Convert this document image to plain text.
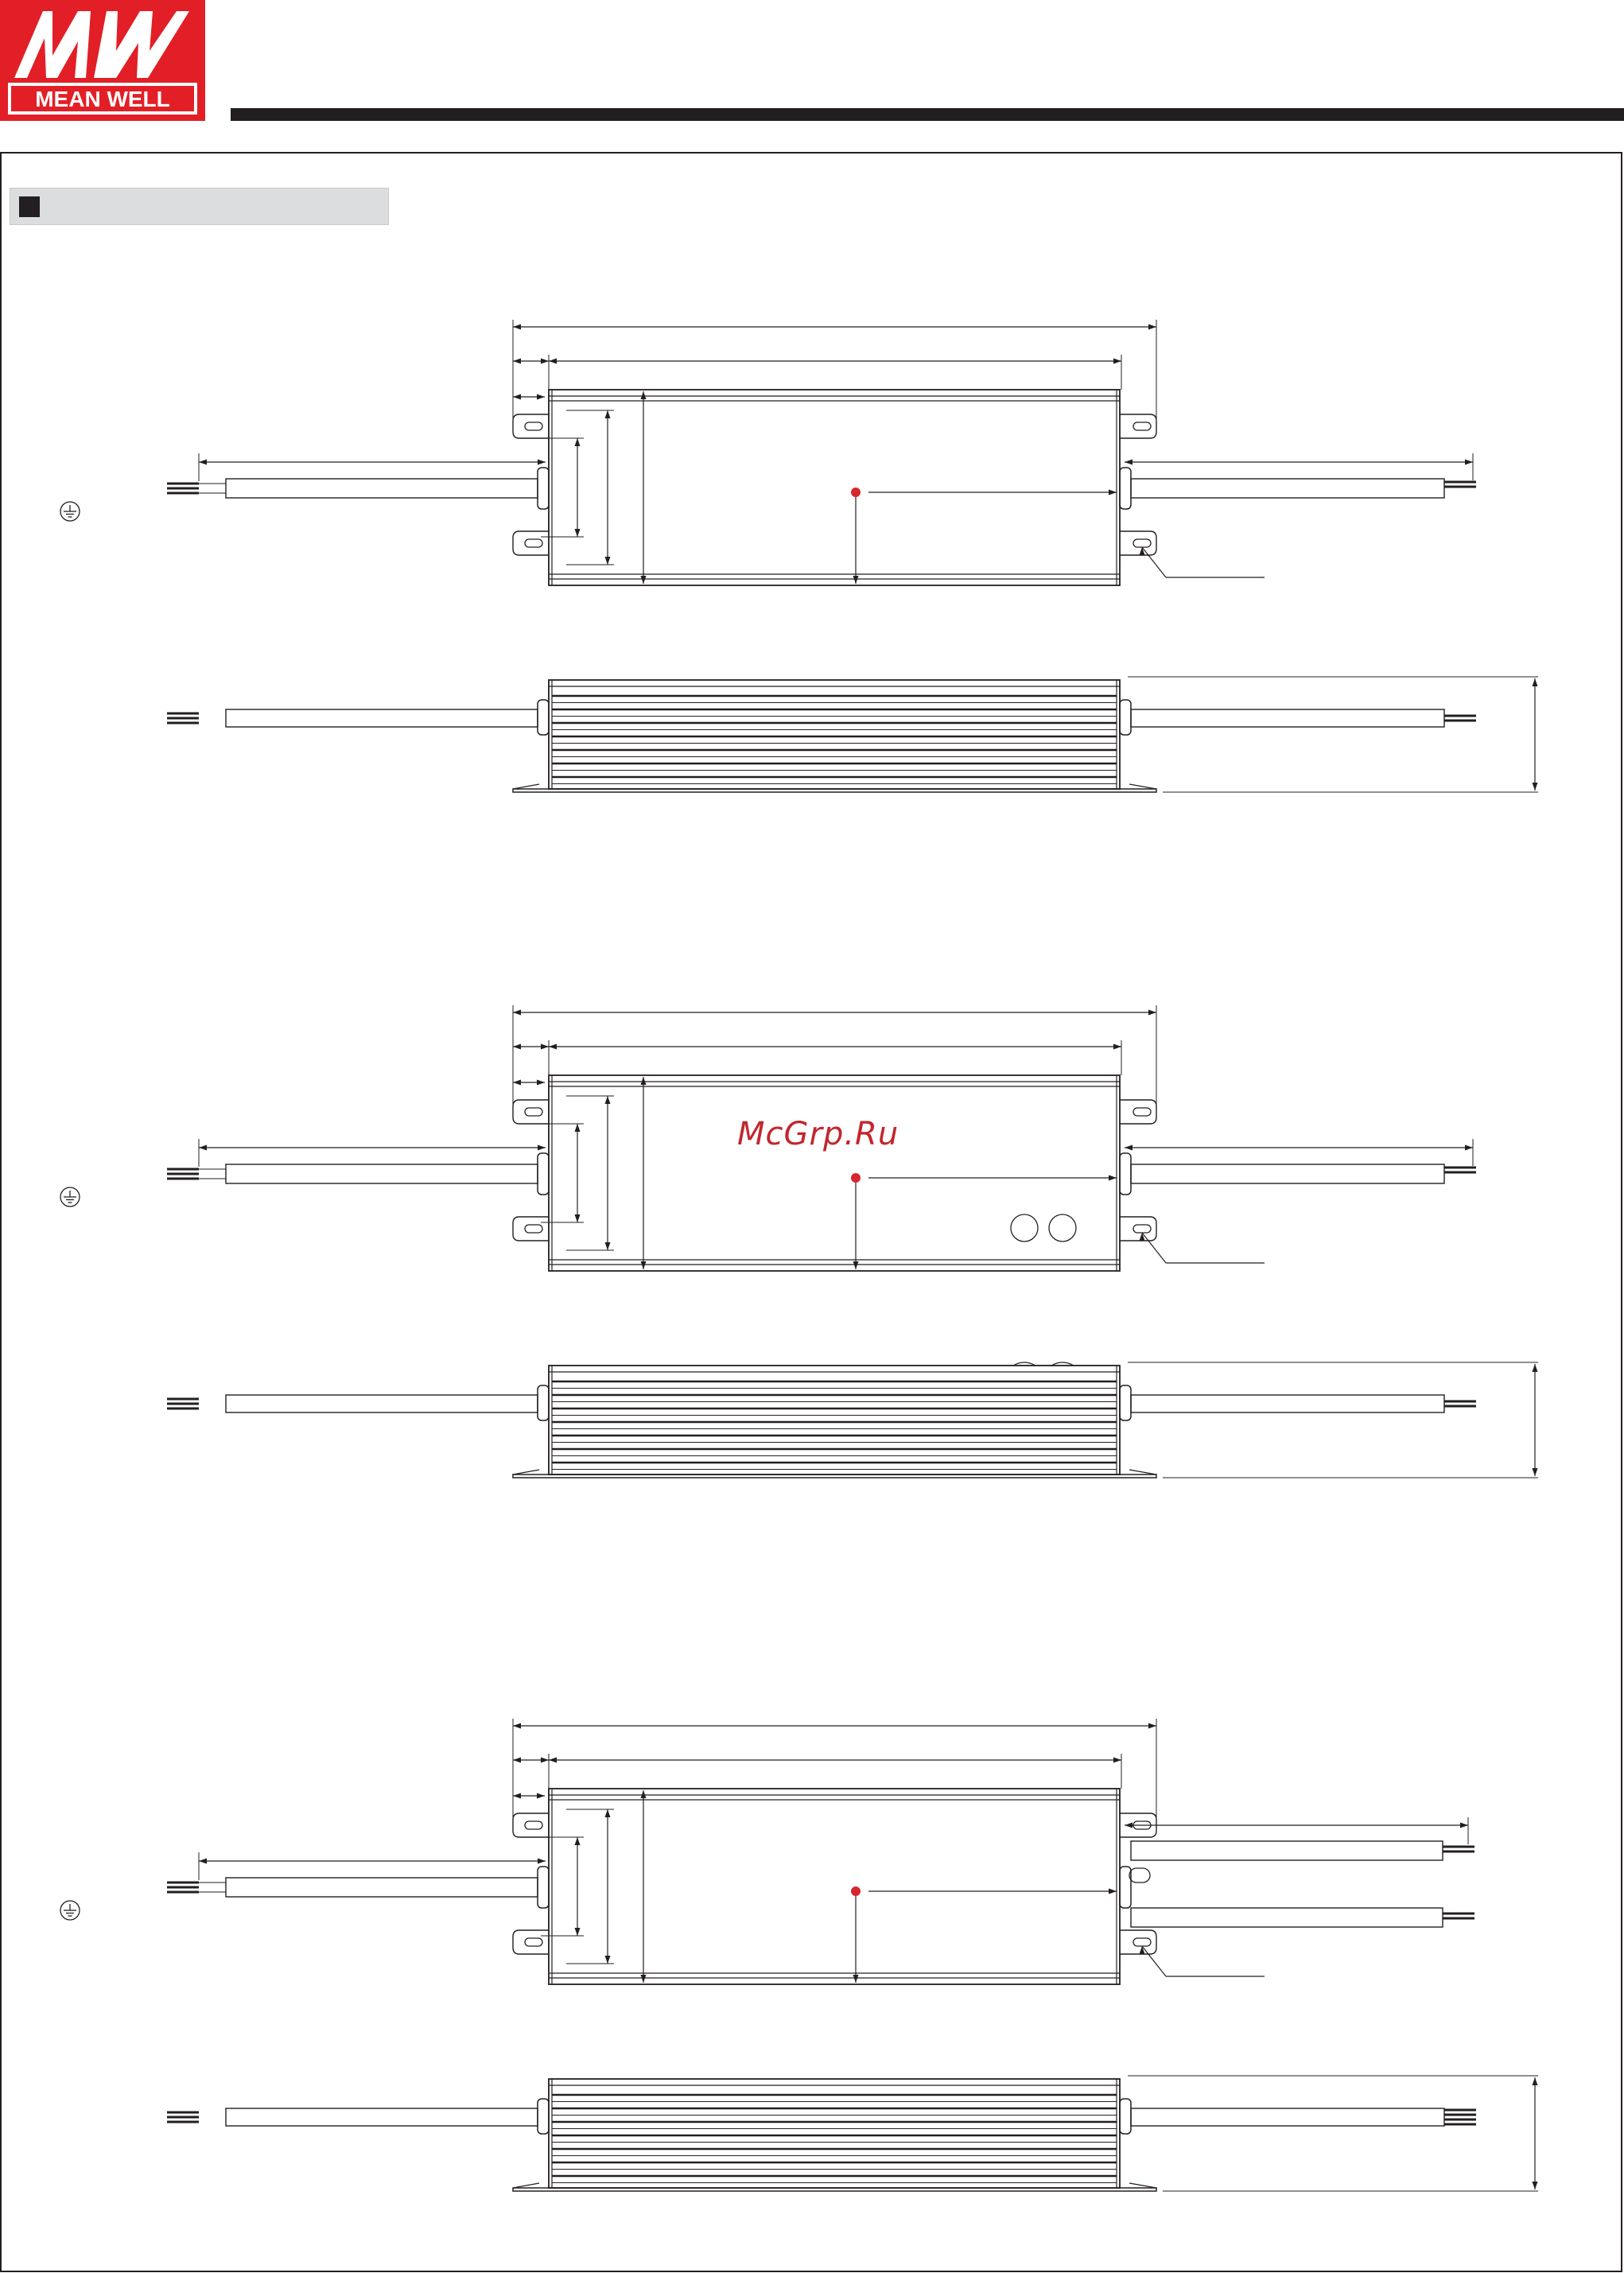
MEAN WELL
McGrp.Ru
